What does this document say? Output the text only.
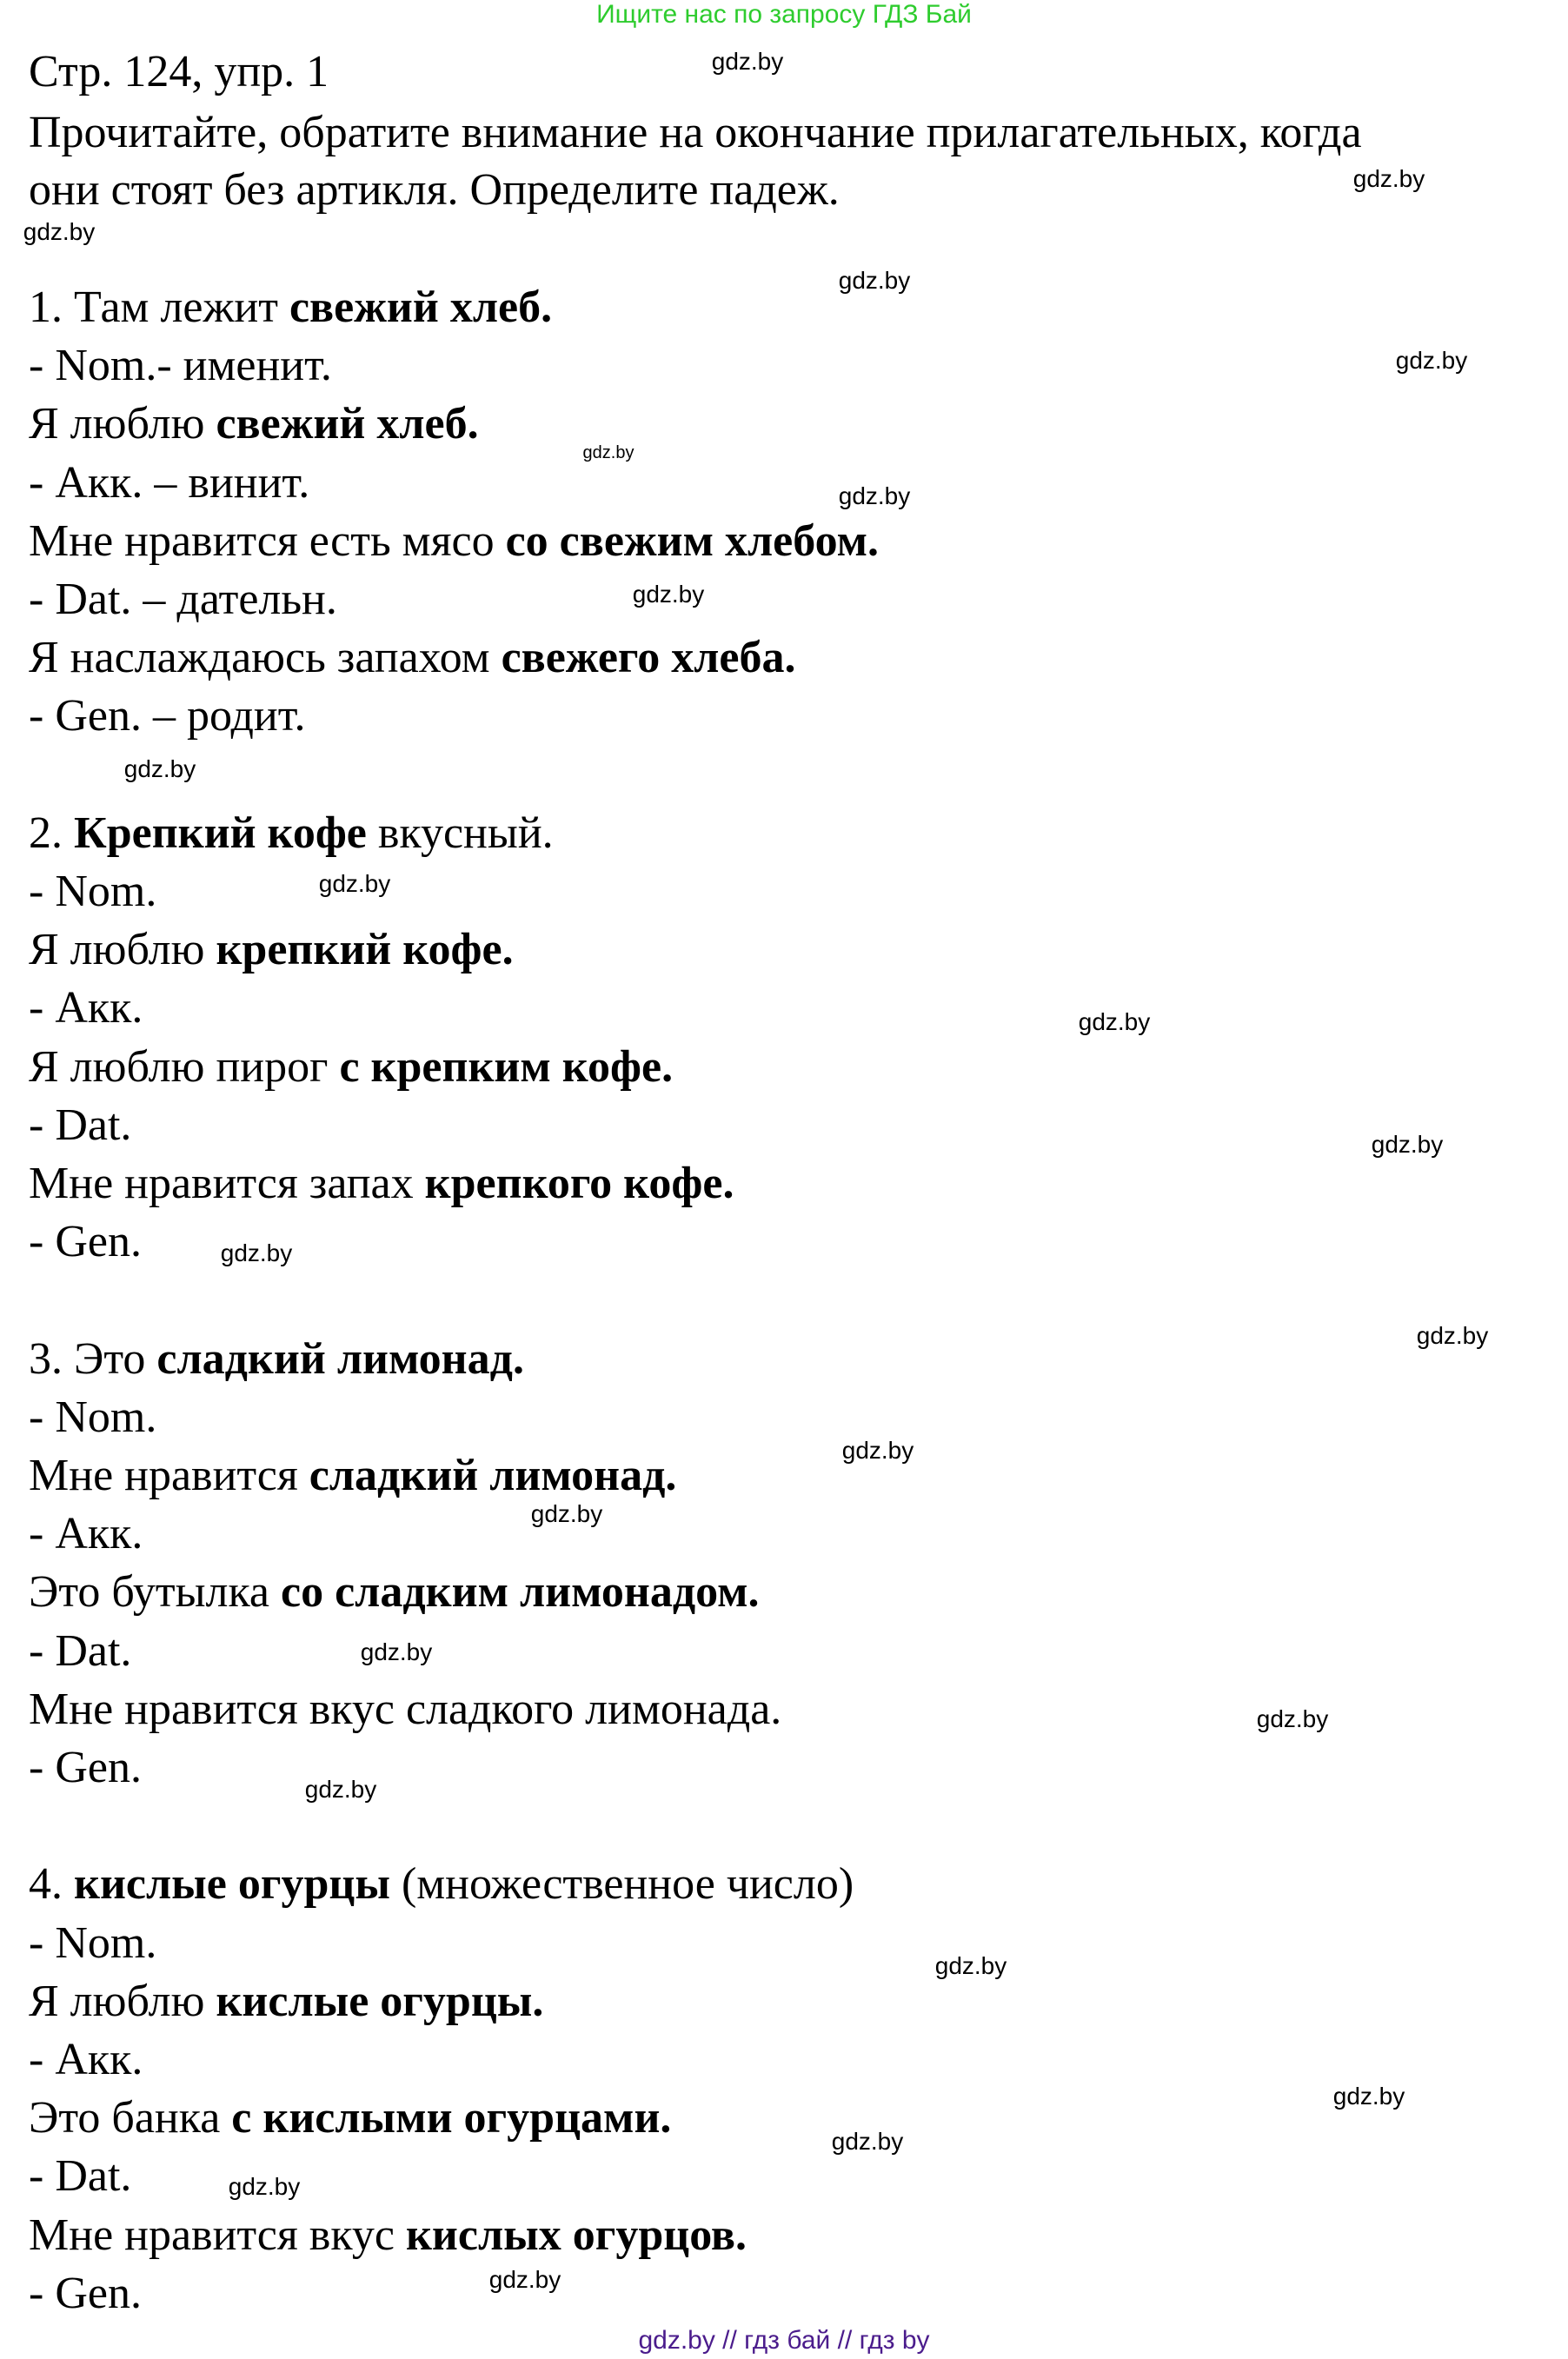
Ищите нас по запросу ГДЗ Бай
Стр. 124, упр. 1
Прочитайте, обратите внимание на окончание прилагательных, когда
они стоят без артикля. Определите падеж.
1. Там лежит свежий хлеб.
- Nom.- именит.
Я люблю свежий хлеб.
- Акк. – винит.
Мне нравится есть мясо со свежим хлебом.
- Dat. – дательн.
Я наслаждаюсь запахом свежего хлеба.
- Gen. – родит.
2. Крепкий кофе вкусный.
- Nom.
Я люблю крепкий кофе.
- Акк.
Я люблю пирог с крепким кофе.
- Dat.
Мне нравится запах крепкого кофе.
- Gen.
3. Это сладкий лимонад.
- Nom.
Мне нравится сладкий лимонад.
- Акк.
Это бутылка со сладким лимонадом.
- Dat.
Мне нравится вкус сладкого лимонада.
- Gen.
4. кислые огурцы (множественное число)
- Nom.
Я люблю кислые огурцы.
- Акк.
Это банка с кислыми огурцами.
- Dat.
Мне нравится вкус кислых огурцов.
- Gen.
gdz.by
gdz.by
gdz.by
gdz.by
gdz.by
gdz.by
gdz.by
gdz.by
gdz.by
gdz.by
gdz.by
gdz.by
gdz.by
gdz.by
gdz.by
gdz.by
gdz.by
gdz.by
gdz.by
gdz.by
gdz.by
gdz.by
gdz.by
gdz.by
gdz.by // гдз бай // гдз by
